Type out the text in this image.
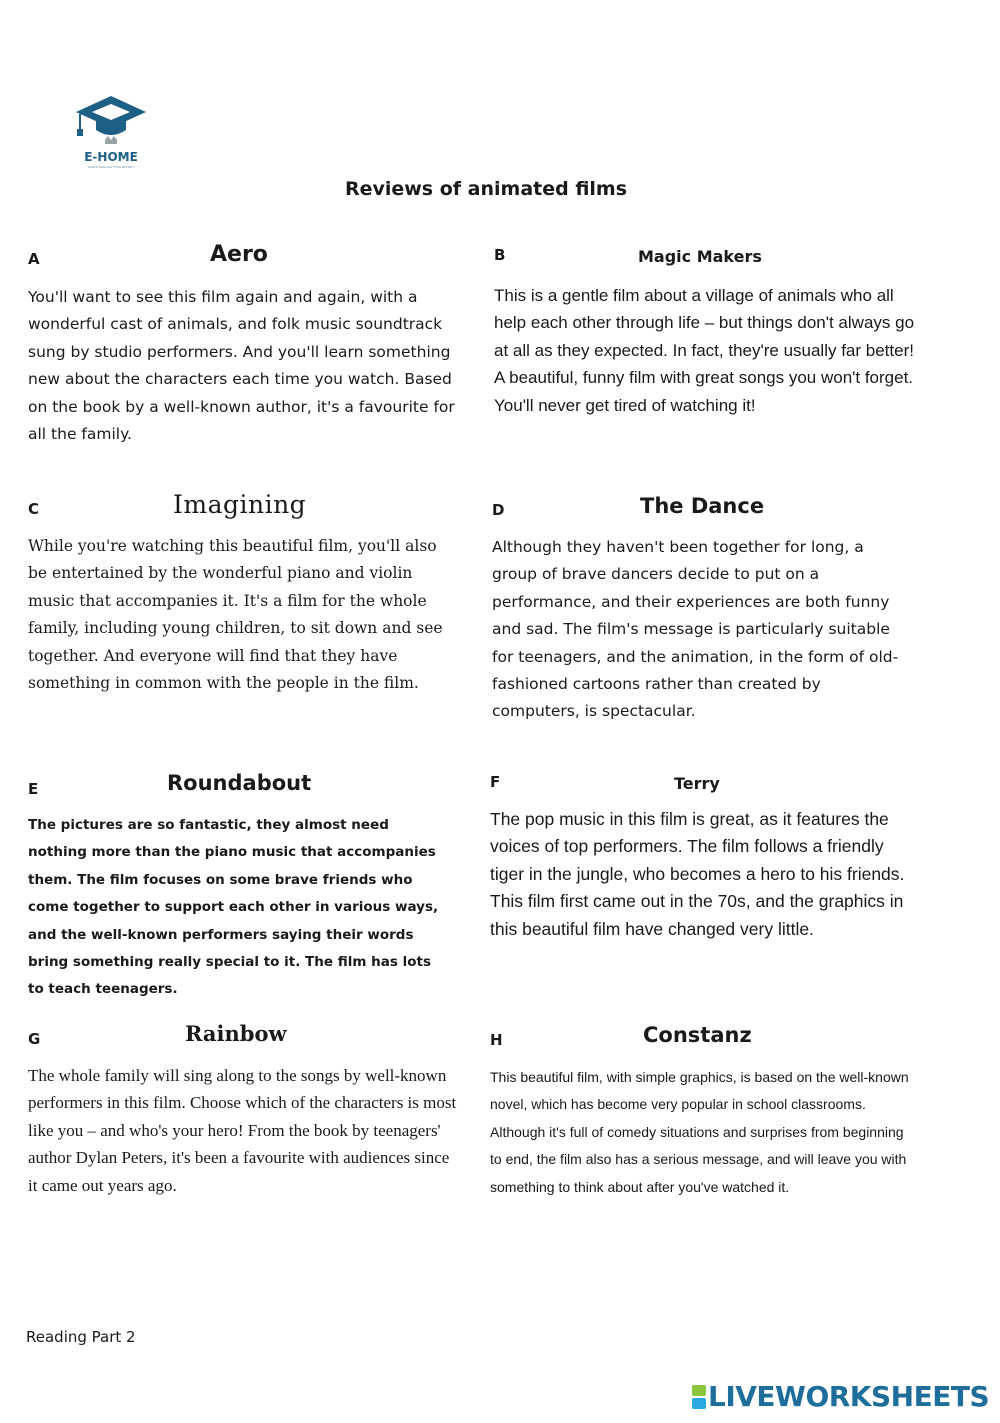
E-HOME
LEARN ENGLISH YOUR EFFORT
Reviews of animated films
A	Aero

You'll want to see this film again and again, with a wonderful cast of animals, and folk music soundtrack sung by studio performers. And you'll learn something new about the characters each time you watch. Based on the book by a well-known author, it's a favourite for all the family.

B	Magic Makers

This is a gentle film about a village of animals who all help each other through life – but things don't always go at all as they expected. In fact, they're usually far better! A beautiful, funny film with great songs you won't forget. You'll never get tired of watching it!

C	Imagining

While you're watching this beautiful film, you'll also be entertained by the wonderful piano and violin music that accompanies it. It's a film for the whole family, including young children, to sit down and see together. And everyone will find that they have something in common with the people in the film.

D	The Dance

Although they haven't been together for long, a group of brave dancers decide to put on a performance, and their experiences are both funny and sad. The film's message is particularly suitable for teenagers, and the animation, in the form of old-fashioned cartoons rather than created by computers, is spectacular.

E	Roundabout

The pictures are so fantastic, they almost need nothing more than the piano music that accompanies them. The film focuses on some brave friends who come together to support each other in various ways, and the well-known performers saying their words bring something really special to it. The film has lots to teach teenagers.

F	Terry

The pop music in this film is great, as it features the voices of top performers. The film follows a friendly tiger in the jungle, who becomes a hero to his friends. This film first came out in the 70s, and the graphics in this beautiful film have changed very little.

G	Rainbow

The whole family will sing along to the songs by well-known performers in this film. Choose which of the characters is most like you – and who's your hero! From the book by teenagers' author Dylan Peters, it's been a favourite with audiences since it came out years ago.

H	Constanz

This beautiful film, with simple graphics, is based on the well-known novel, which has become very popular in school classrooms. Although it's full of comedy situations and surprises from beginning to end, the film also has a serious message, and will leave you with something to think about after you've watched it.

Reading Part 2
LIVEWORKSHEETS
